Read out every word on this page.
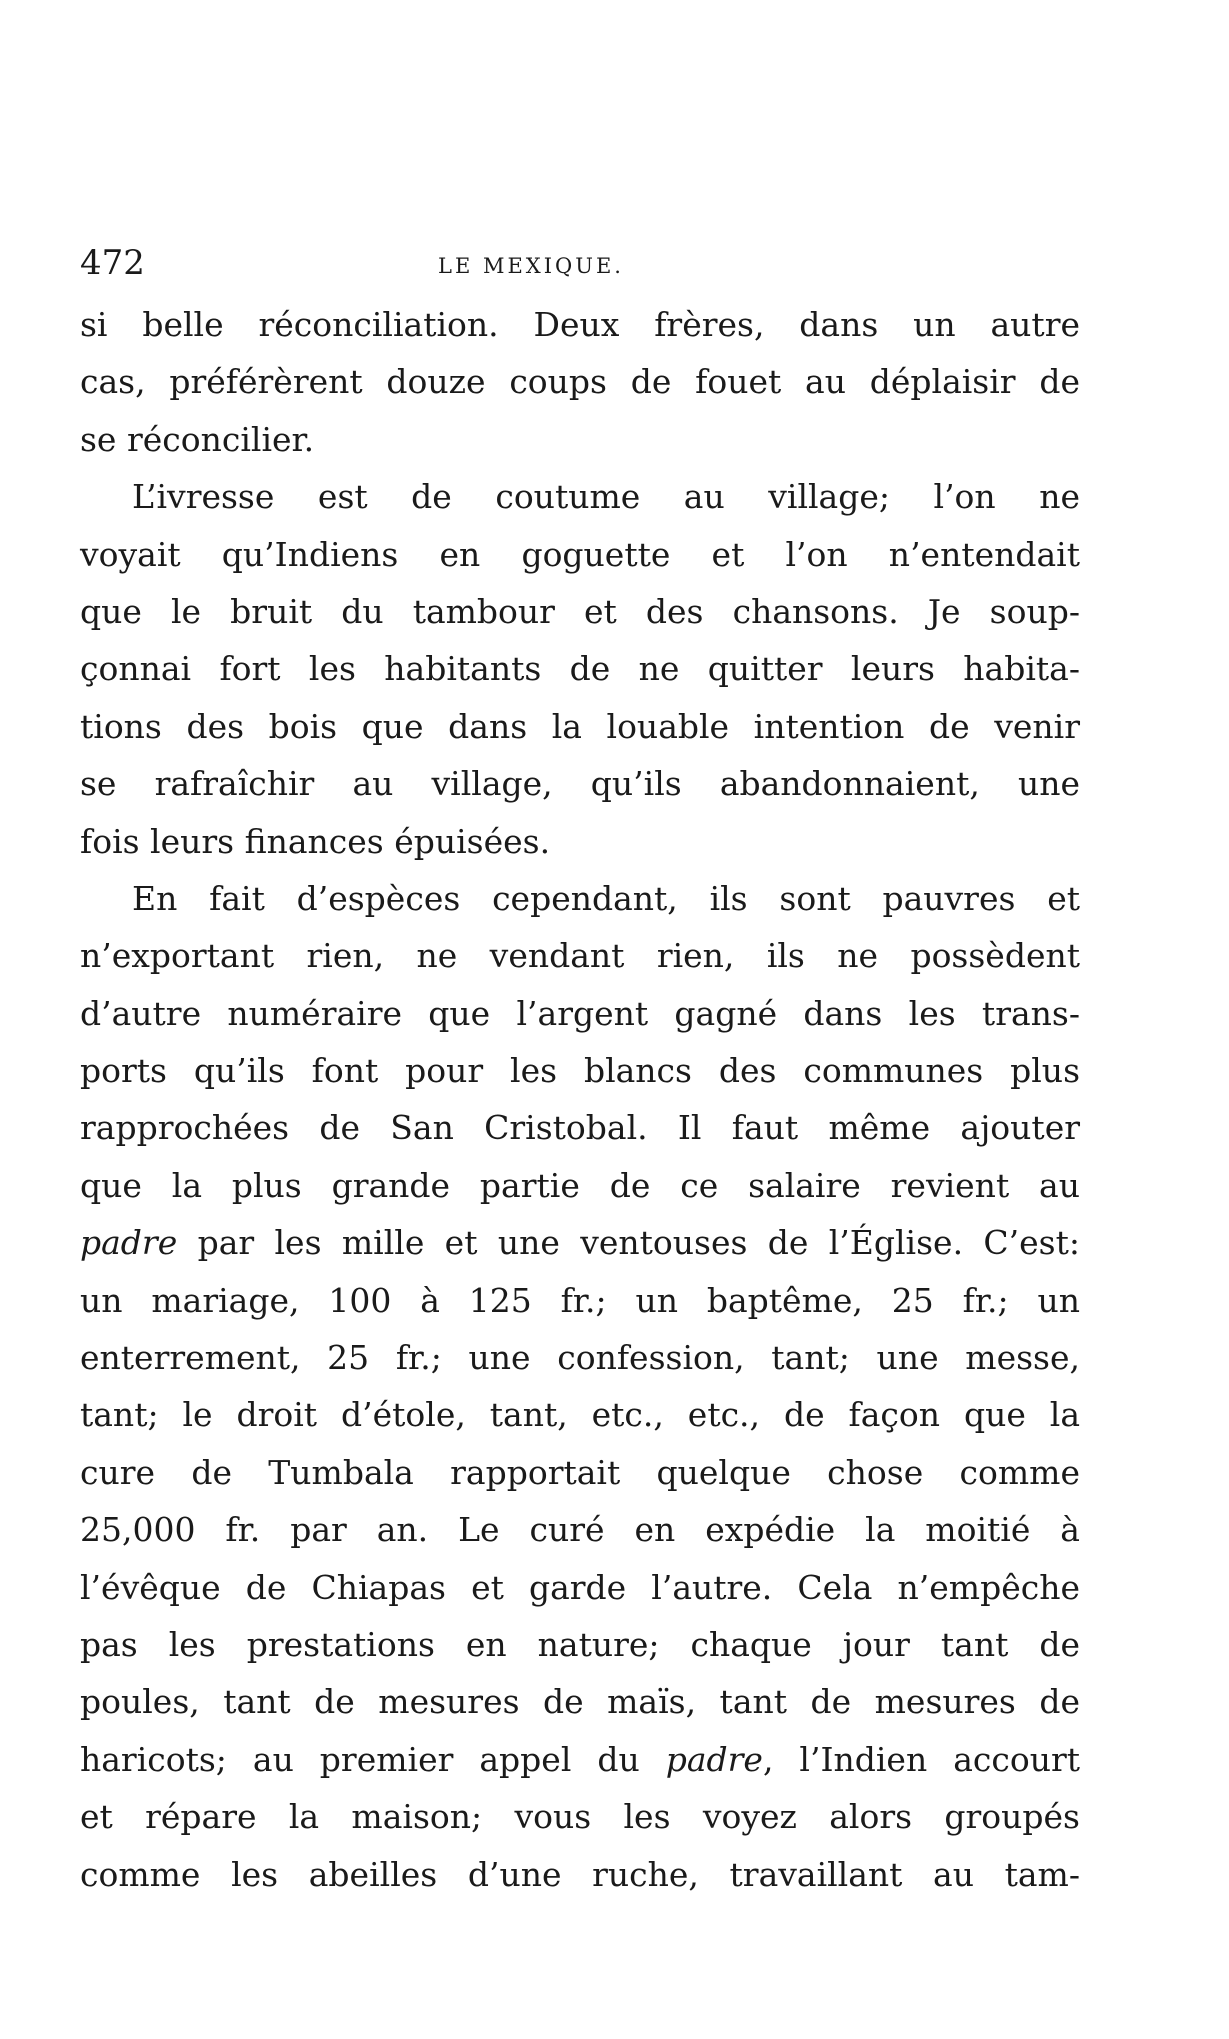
472	LE MEXIQUE.
si belle réconciliation. Deux frères, dans un autre
cas, préférèrent douze coups de fouet au déplaisir de
se réconcilier.
L’ivresse est de coutume au village; l’on ne
voyait qu’Indiens en goguette et l’on n’entendait
que le bruit du tambour et des chansons. Je soup-
çonnai fort les habitants de ne quitter leurs habita-
tions des bois que dans la louable intention de venir
se rafraîchir au village, qu’ils abandonnaient, une
fois leurs finances épuisées.
En fait d’espèces cependant, ils sont pauvres et
n’exportant rien, ne vendant rien, ils ne possèdent
d’autre numéraire que l’argent gagné dans les trans-
ports qu’ils font pour les blancs des communes plus
rapprochées de San Cristobal. Il faut même ajouter
que la plus grande partie de ce salaire revient au
padre par les mille et une ventouses de l’Église. C’est:
un mariage, 100 à 125 fr.; un baptême, 25 fr.; un
enterrement, 25 fr.; une confession, tant; une messe,
tant; le droit d’étole, tant, etc., etc., de façon que la
cure de Tumbala rapportait quelque chose comme
25,000 fr. par an. Le curé en expédie la moitié à
l’évêque de Chiapas et garde l’autre. Cela n’empêche
pas les prestations en nature; chaque jour tant de
poules, tant de mesures de maïs, tant de mesures de
haricots; au premier appel du padre, l’Indien accourt
et répare la maison; vous les voyez alors groupés
comme les abeilles d’une ruche, travaillant au tam-
